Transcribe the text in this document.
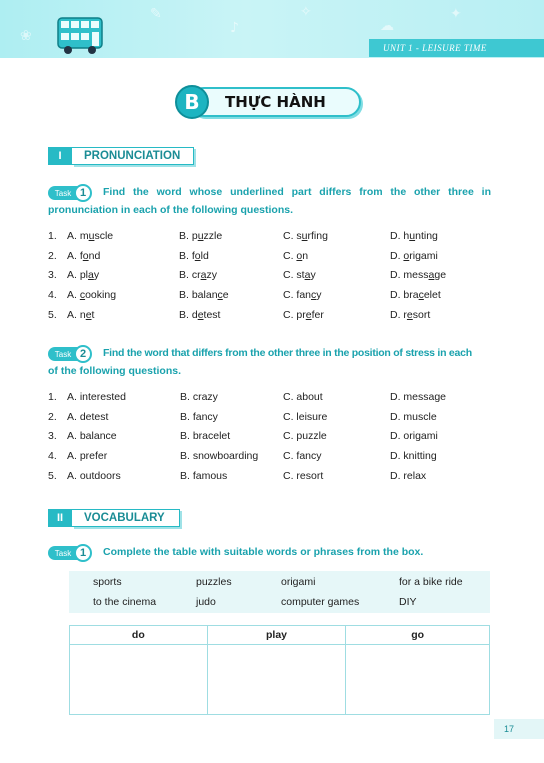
✎
♪
✧
☁
✦
❀
UNIT 1 - LEISURE TIME
B	THỰC HÀNH
I	PRONUNCIATION
Task 1	Find the word whose underlined part differs from the other three in
pronunciation in each of the following questions.
1. A. muscle	B. puzzle	C. surfing	D. hunting
2. A. fond	B. fold	C. on	D. origami
3. A. play	B. crazy	C. stay	D. message
4. A. cooking	B. balance	C. fancy	D. bracelet
5. A. net	B. detest	C. prefer	D. resort
Task 2	Find the word that differs from the other three in the position of stress in each
of the following questions.
1. A. interested	B. crazy	C. about	D. message
2. A. detest	B. fancy	C. leisure	D. muscle
3. A. balance	B. bracelet	C. puzzle	D. origami
4. A. prefer	B. snowboarding C. fancy	D. knitting
5. A. outdoors	B. famous	C. resort	D. relax
II	VOCABULARY
Task 1	Complete the table with suitable words or phrases from the box.
sports	puzzles	origami	for a bike ride
to the cinema	judo	computer games	DIY
do	play	go

17
